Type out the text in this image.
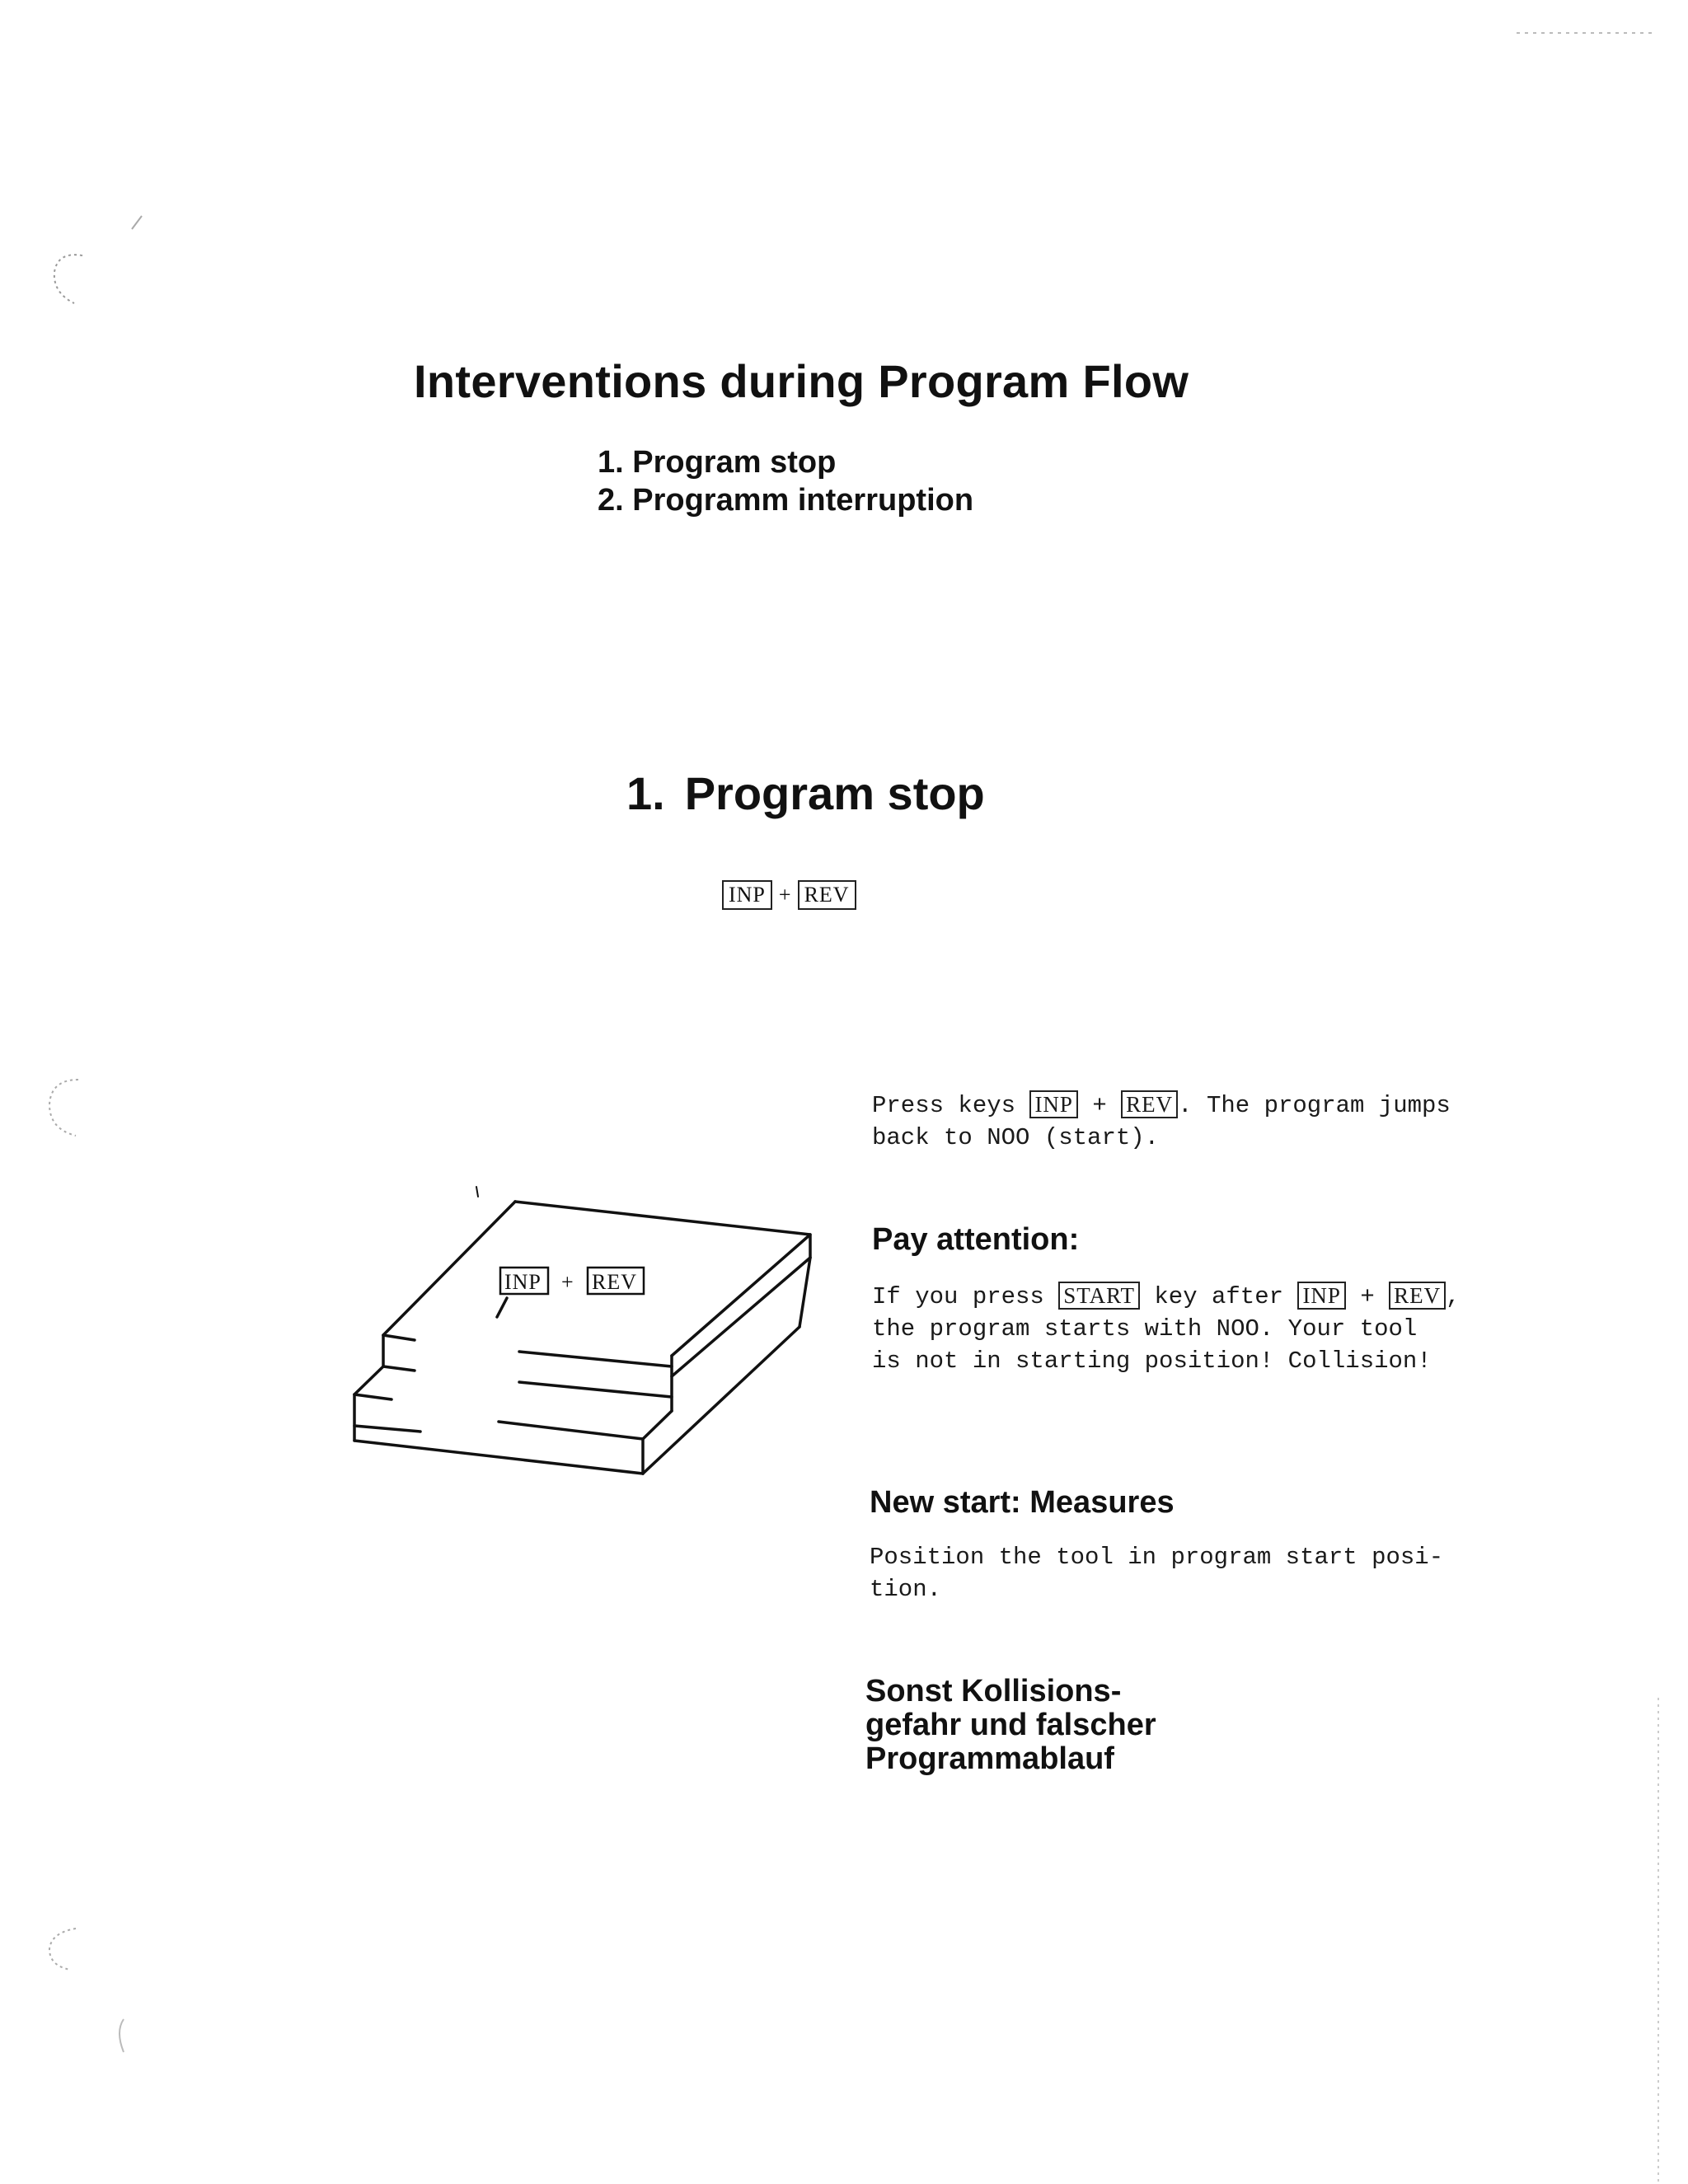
Interventions during Program Flow
1. Program stop
2. Programm interruption
1. Program stop
INP + REV
INP + REV
Press keys INP + REV . The program jumps
back to NOO (start).
Pay attention:
If you press START key after INP + REV ,
the program starts with NOO. Your tool
is not in starting position! Collision!
New start: Measures
Position the tool in program start posi-
tion.
Sonst Kollisions-
gefahr und falscher
Programmablauf
